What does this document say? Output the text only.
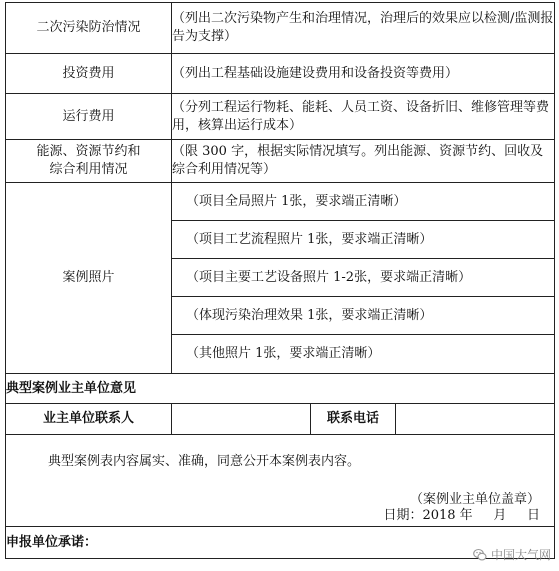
二次污染防治情况	（列出二次污染物产生和治理情况，治理后的效果应以检测/监测报告为支撑）		
投资费用	（列出工程基础设施建设费用和设备投资等费用）		
运行费用	（分列工程运行物耗、能耗、人员工资、设备折旧、维修管理等费用，核算出运行成本）		
能源、资源节约和综合利用情况	（限 300 字，根据实际情况填写。列出能源、资源节约、回收及综合利用情况等）		
案例照片	（项目全局照片 1张，要求端正清晰）
（项目工艺流程照片 1张，要求端正清晰）
（项目主要工艺设备照片 1-2张，要求端正清晰）
（体现污染治理效果 1张，要求端正清晰）
（其他照片 1张，要求端正清晰）		

典型案例业主单位意见			
业主单位联系人		联系电话	

典型案例表内容属实、准确，同意公开本案例表内容。
（案例业主单位盖章）
日期：2018 年     月     日			

申报单位承诺：			
中国大气网
